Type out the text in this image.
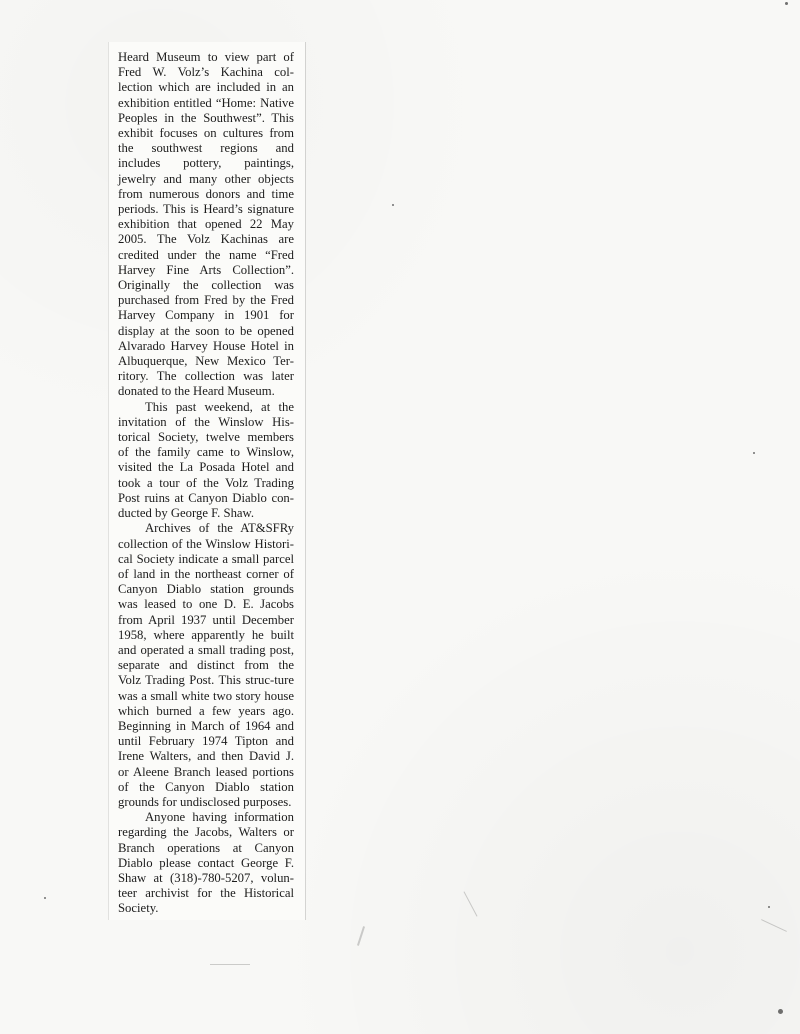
Heard Museum to view part of Fred W. Volz’s Kachina col-lection which are included in an exhibition entitled “Home: Native Peoples in the Southwest”. This exhibit focuses on cultures from the southwest regions and includes pottery, paintings, jewelry and many other objects from numerous donors and time periods. This is Heard’s signature exhibition that opened 22 May 2005. The Volz Kachinas are credited under the name “Fred Harvey Fine Arts Collection”. Originally the collection was purchased from Fred by the Fred Harvey Company in 1901 for display at the soon to be opened Alvarado Harvey House Hotel in Albuquerque, New Mexico Ter-ritory. The collection was later donated to the Heard Museum.

This past weekend, at the invitation of the Winslow His-torical Society, twelve members of the family came to Winslow, visited the La Posada Hotel and took a tour of the Volz Trading Post ruins at Canyon Diablo con-ducted by George F. Shaw.

Archives of the AT&SFRy collection of the Winslow Histori-cal Society indicate a small parcel of land in the northeast corner of Canyon Diablo station grounds was leased to one D. E. Jacobs from April 1937 until December 1958, where apparently he built and operated a small trading post, separate and distinct from the Volz Trading Post. This struc-ture was a small white two story house which burned a few years ago. Beginning in March of 1964 and until February 1974 Tipton and Irene Walters, and then David J. or Aleene Branch leased portions of the Canyon Diablo station grounds for undisclosed purposes.

Anyone having information regarding the Jacobs, Walters or Branch operations at Canyon Diablo please contact George F. Shaw at (318)-780-5207, volun-teer archivist for the Historical Society.
